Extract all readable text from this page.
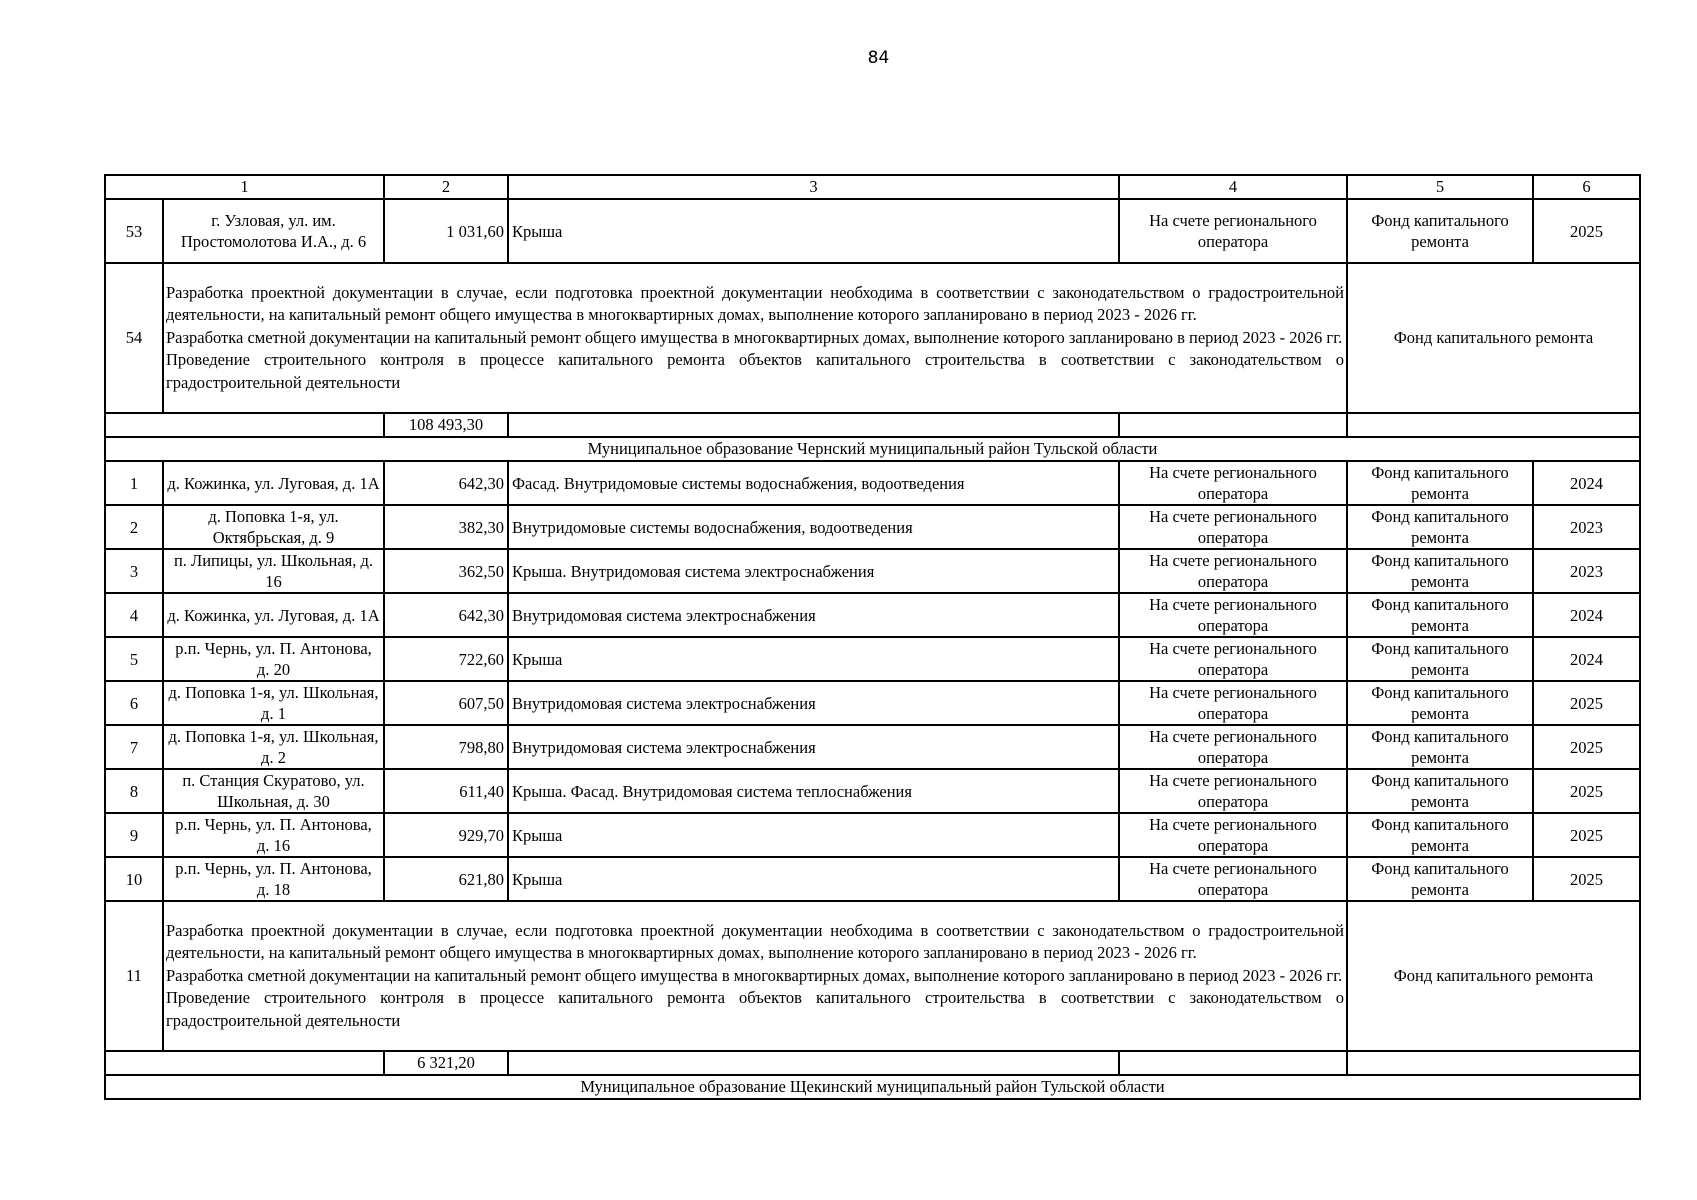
84
1		2	3	4	5	6
53	г. Узловая, ул. им. Простомолотова И.А., д. 6	1 031,60	Крыша	На счете регионального оператора	Фонд капитального ремонта	2025
54	Разработка проектной документации в случае, если подготовка проектной документации необходима в соответствии с законодательством о градостроительной деятельности, на капитальный ремонт общего имущества в многоквартирных домах, выполнение которого запланировано в период 2023 - 2026 гг.
Разработка сметной документации на капитальный ремонт общего имущества в многоквартирных домах, выполнение которого запланировано в период 2023 - 2026 гг.
Проведение строительного контроля в процессе капитального ремонта объектов капитального строительства в соответствии с законодательством о градостроительной деятельности				Фонд капитального ремонта	
		108 493,30				
Муниципальное образование Чернский муниципальный район Тульской области						
1	д. Кожинка, ул. Луговая, д. 1А	642,30	Фасад. Внутридомовые системы водоснабжения, водоотведения	На счете регионального оператора	Фонд капитального ремонта	2024
2	д. Поповка 1-я, ул. Октябрьская, д. 9	382,30	Внутридомовые системы водоснабжения, водоотведения	На счете регионального оператора	Фонд капитального ремонта	2023
3	п. Липицы, ул. Школьная, д. 16	362,50	Крыша. Внутридомовая система электроснабжения	На счете регионального оператора	Фонд капитального ремонта	2023
4	д. Кожинка, ул. Луговая, д. 1А	642,30	Внутридомовая система электроснабжения	На счете регионального оператора	Фонд капитального ремонта	2024
5	р.п. Чернь, ул. П. Антонова, д. 20	722,60	Крыша	На счете регионального оператора	Фонд капитального ремонта	2024
6	д. Поповка 1-я, ул. Школьная, д. 1	607,50	Внутридомовая система электроснабжения	На счете регионального оператора	Фонд капитального ремонта	2025
7	д. Поповка 1-я, ул. Школьная, д. 2	798,80	Внутридомовая система электроснабжения	На счете регионального оператора	Фонд капитального ремонта	2025
8	п. Станция Скуратово, ул. Школьная, д. 30	611,40	Крыша. Фасад. Внутридомовая система теплоснабжения	На счете регионального оператора	Фонд капитального ремонта	2025
9	р.п. Чернь, ул. П. Антонова, д. 16	929,70	Крыша	На счете регионального оператора	Фонд капитального ремонта	2025
10	р.п. Чернь, ул. П. Антонова, д. 18	621,80	Крыша	На счете регионального оператора	Фонд капитального ремонта	2025
11	Разработка проектной документации в случае, если подготовка проектной документации необходима в соответствии с законодательством о градостроительной деятельности, на капитальный ремонт общего имущества в многоквартирных домах, выполнение которого запланировано в период 2023 - 2026 гг.
Разработка сметной документации на капитальный ремонт общего имущества в многоквартирных домах, выполнение которого запланировано в период 2023 - 2026 гг.
Проведение строительного контроля в процессе капитального ремонта объектов капитального строительства в соответствии с законодательством о градостроительной деятельности				Фонд капитального ремонта	
		6 321,20				
Муниципальное образование Щекинский муниципальный район Тульской области						
